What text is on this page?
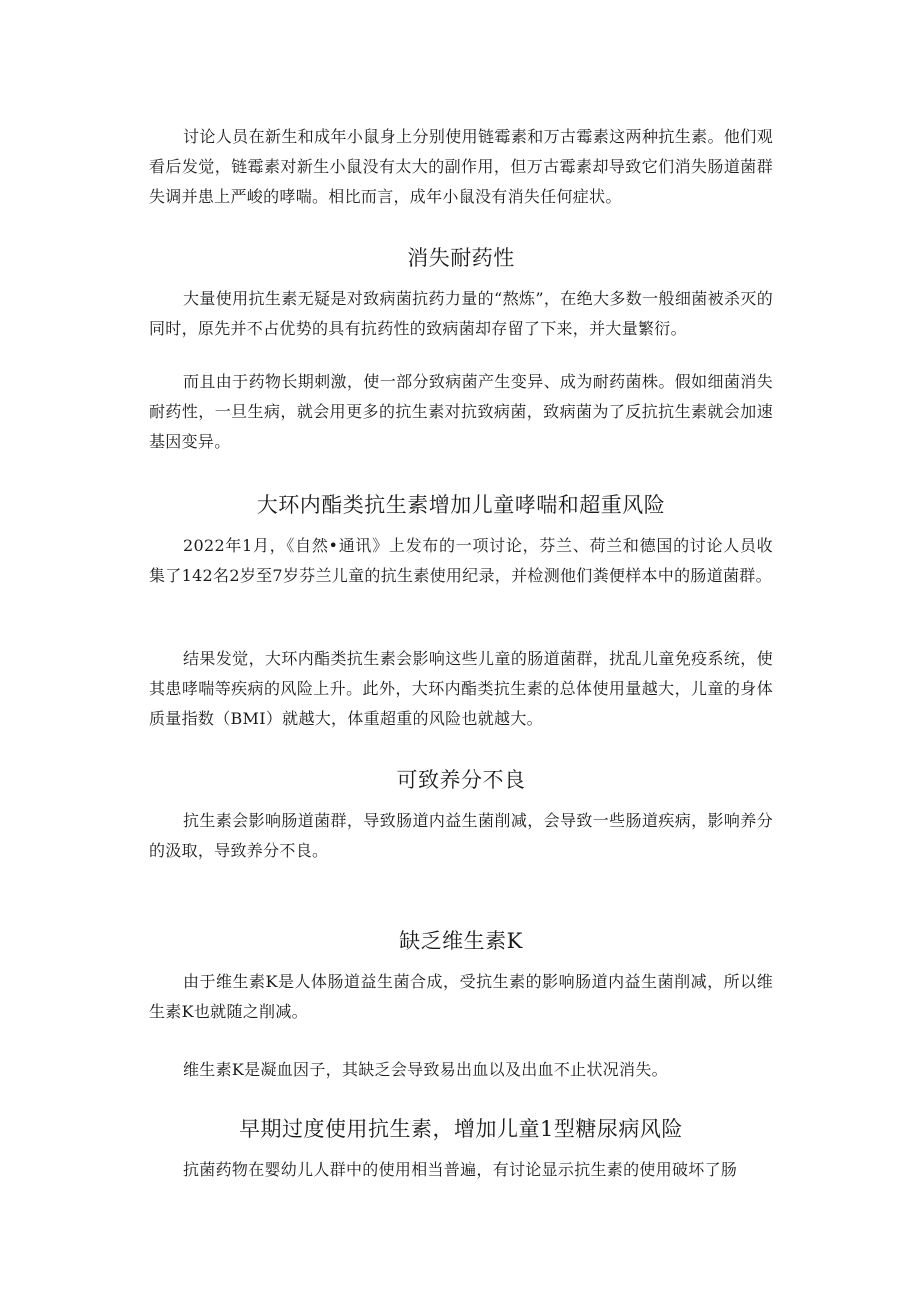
讨论人员在新生和成年小鼠身上分别使用链霉素和万古霉素这两种抗生素。他们观看后发觉，链霉素对新生小鼠没有太大的副作用，但万古霉素却导致它们消失肠道菌群失调并患上严峻的哮喘。相比而言，成年小鼠没有消失任何症状。

消失耐药性

大量使用抗生素无疑是对致病菌抗药力量的“熬炼”，在绝大多数一般细菌被杀灭的同时，原先并不占优势的具有抗药性的致病菌却存留了下来，并大量繁衍。

而且由于药物长期刺激，使一部分致病菌产生变异、成为耐药菌株。假如细菌消失耐药性，一旦生病，就会用更多的抗生素对抗致病菌，致病菌为了反抗抗生素就会加速基因变异。

大环内酯类抗生素增加儿童哮喘和超重风险

2022年1月，《自然•通讯》上发布的一项讨论，芬兰、荷兰和德国的讨论人员收集了142名2岁至7岁芬兰儿童的抗生素使用纪录，并检测他们粪便样本中的肠道菌群。

结果发觉，大环内酯类抗生素会影响这些儿童的肠道菌群，扰乱儿童免疫系统，使其患哮喘等疾病的风险上升。此外，大环内酯类抗生素的总体使用量越大，儿童的身体质量指数（BMI）就越大，体重超重的风险也就越大。

可致养分不良

抗生素会影响肠道菌群，导致肠道内益生菌削减，会导致一些肠道疾病，影响养分的汲取，导致养分不良。

缺乏维生素K

由于维生素K是人体肠道益生菌合成，受抗生素的影响肠道内益生菌削减，所以维生素K也就随之削减。

维生素K是凝血因子，其缺乏会导致易出血以及出血不止状况消失。

早期过度使用抗生素，增加儿童1型糖尿病风险

抗菌药物在婴幼儿人群中的使用相当普遍，有讨论显示抗生素的使用破坏了肠
